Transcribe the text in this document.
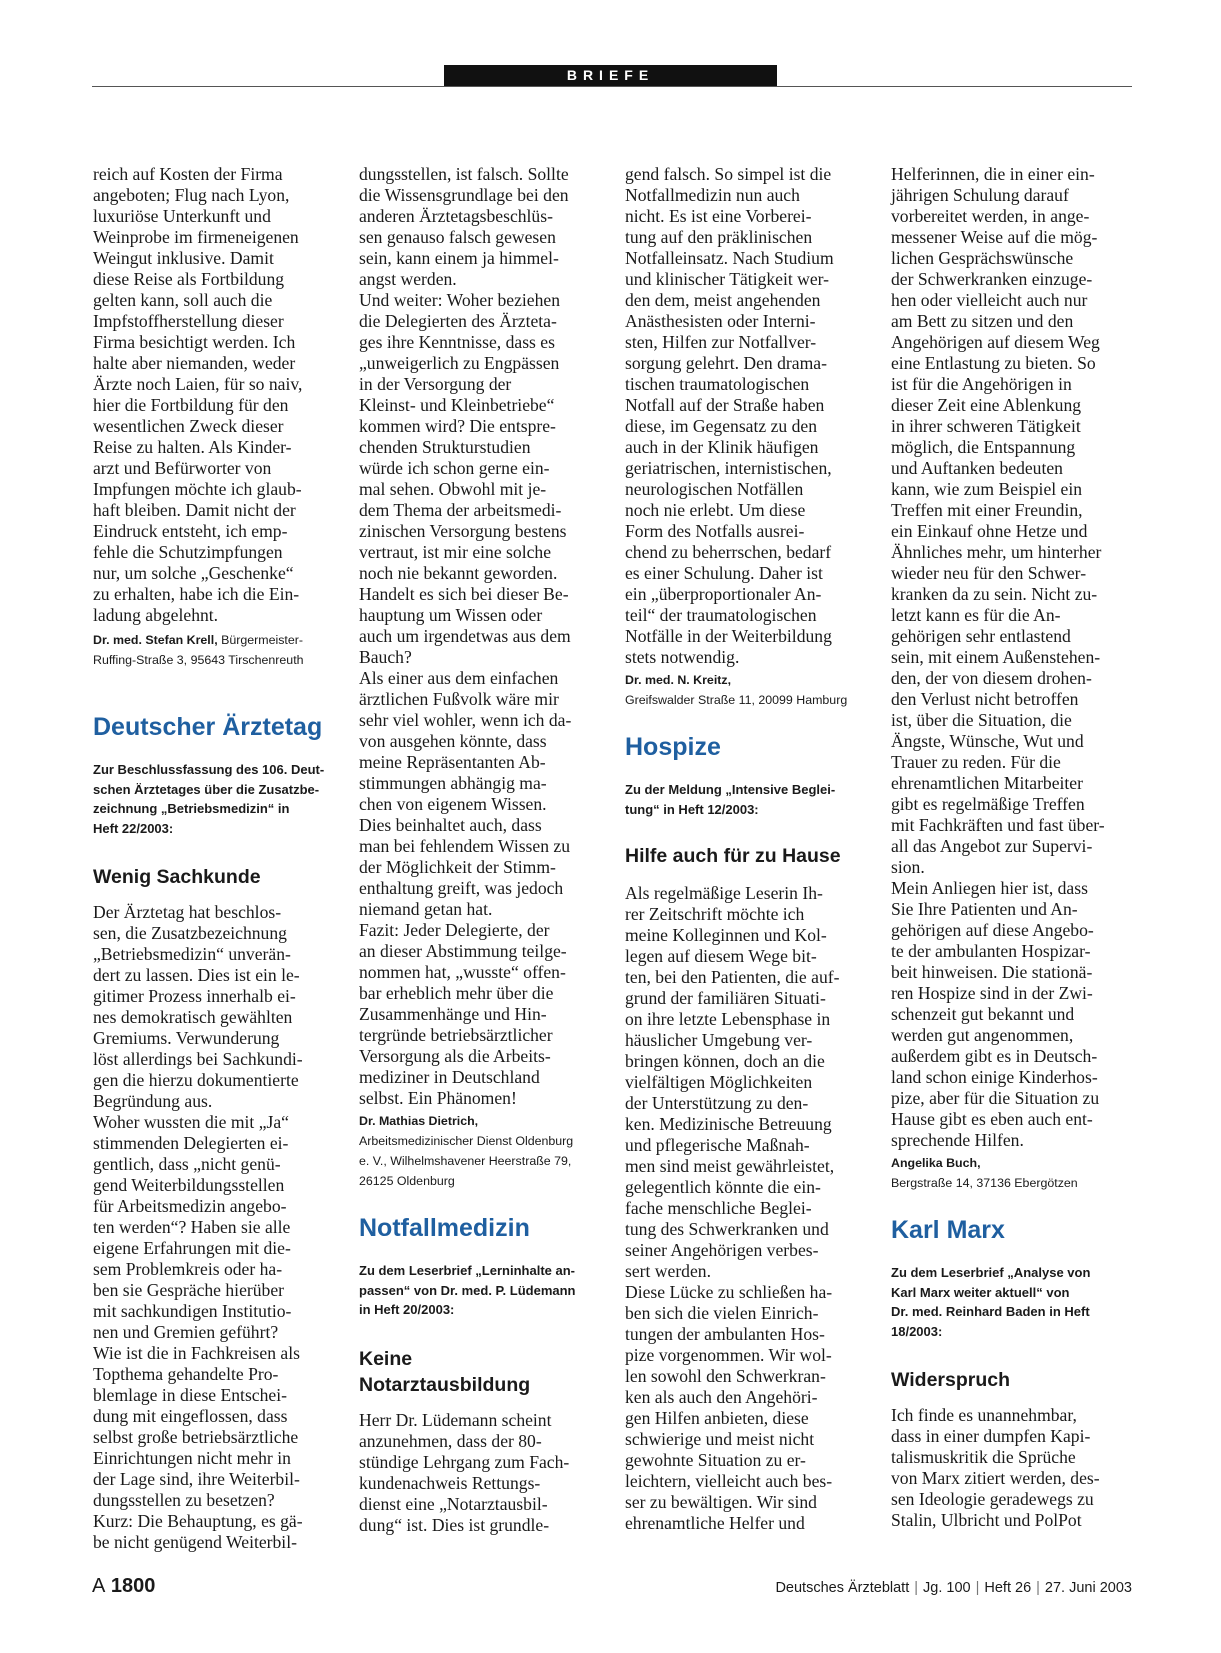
BRIEFE
reich auf Kosten der Firma
angeboten; Flug nach Lyon,
luxuriöse Unterkunft und
Weinprobe im firmeneigenen
Weingut inklusive. Damit
diese Reise als Fortbildung
gelten kann, soll auch die
Impfstoffherstellung dieser
Firma besichtigt werden. Ich
halte aber niemanden, weder
Ärzte noch Laien, für so naiv,
hier die Fortbildung für den
wesentlichen Zweck dieser
Reise zu halten. Als Kinder-
arzt und Befürworter von
Impfungen möchte ich glaub-
haft bleiben. Damit nicht der
Eindruck entsteht, ich emp-
fehle die Schutzimpfungen
nur, um solche „Geschenke“
zu erhalten, habe ich die Ein-
ladung abgelehnt.
Dr. med. Stefan Krell, Bürgermeister-
Ruffing-Straße 3, 95643 Tirschenreuth
Deutscher Ärztetag
Zur Beschlussfassung des 106. Deut-
schen Ärztetages über die Zusatzbe-
zeichnung „Betriebsmedizin“ in
Heft 22/2003:
Wenig Sachkunde
Der Ärztetag hat beschlos-
sen, die Zusatzbezeichnung
„Betriebsmedizin“ unverän-
dert zu lassen. Dies ist ein le-
gitimer Prozess innerhalb ei-
nes demokratisch gewählten
Gremiums. Verwunderung
löst allerdings bei Sachkundi-
gen die hierzu dokumentierte
Begründung aus.
Woher wussten die mit „Ja“
stimmenden Delegierten ei-
gentlich, dass „nicht genü-
gend Weiterbildungsstellen
für Arbeitsmedizin angebo-
ten werden“? Haben sie alle
eigene Erfahrungen mit die-
sem Problemkreis oder ha-
ben sie Gespräche hierüber
mit sachkundigen Institutio-
nen und Gremien geführt?
Wie ist die in Fachkreisen als
Topthema gehandelte Pro-
blemlage in diese Entschei-
dung mit eingeflossen, dass
selbst große betriebsärztliche
Einrichtungen nicht mehr in
der Lage sind, ihre Weiterbil-
dungsstellen zu besetzen?
Kurz: Die Behauptung, es gä-
be nicht genügend Weiterbil-
dungsstellen, ist falsch. Sollte
die Wissensgrundlage bei den
anderen Ärztetagsbeschlüs-
sen genauso falsch gewesen
sein, kann einem ja himmel-
angst werden.
Und weiter: Woher beziehen
die Delegierten des Ärzteta-
ges ihre Kenntnisse, dass es
„unweigerlich zu Engpässen
in der Versorgung der
Kleinst- und Kleinbetriebe“
kommen wird? Die entspre-
chenden Strukturstudien
würde ich schon gerne ein-
mal sehen. Obwohl mit je-
dem Thema der arbeitsmedi-
zinischen Versorgung bestens
vertraut, ist mir eine solche
noch nie bekannt geworden.
Handelt es sich bei dieser Be-
hauptung um Wissen oder
auch um irgendetwas aus dem
Bauch?
Als einer aus dem einfachen
ärztlichen Fußvolk wäre mir
sehr viel wohler, wenn ich da-
von ausgehen könnte, dass
meine Repräsentanten Ab-
stimmungen abhängig ma-
chen von eigenem Wissen.
Dies beinhaltet auch, dass
man bei fehlendem Wissen zu
der Möglichkeit der Stimm-
enthaltung greift, was jedoch
niemand getan hat.
Fazit: Jeder Delegierte, der
an dieser Abstimmung teilge-
nommen hat, „wusste“ offen-
bar erheblich mehr über die
Zusammenhänge und Hin-
tergründe betriebsärztlicher
Versorgung als die Arbeits-
mediziner in Deutschland
selbst. Ein Phänomen!
Dr. Mathias Dietrich,
Arbeitsmedizinischer Dienst Oldenburg
e. V., Wilhelmshavener Heerstraße 79,
26125 Oldenburg
Notfallmedizin
Zu dem Leserbrief „Lerninhalte an-
passen“ von Dr. med. P. Lüdemann
in Heft 20/2003:
Keine
Notarztausbildung
Herr Dr. Lüdemann scheint
anzunehmen, dass der 80-
stündige Lehrgang zum Fach-
kundenachweis Rettungs-
dienst eine „Notarztausbil-
dung“ ist. Dies ist grundle-
gend falsch. So simpel ist die
Notfallmedizin nun auch
nicht. Es ist eine Vorberei-
tung auf den präklinischen
Notfalleinsatz. Nach Studium
und klinischer Tätigkeit wer-
den dem, meist angehenden
Anästhesisten oder Interni-
sten, Hilfen zur Notfallver-
sorgung gelehrt. Den drama-
tischen traumatologischen
Notfall auf der Straße haben
diese, im Gegensatz zu den
auch in der Klinik häufigen
geriatrischen, internistischen,
neurologischen Notfällen
noch nie erlebt. Um diese
Form des Notfalls ausrei-
chend zu beherrschen, bedarf
es einer Schulung. Daher ist
ein „überproportionaler An-
teil“ der traumatologischen
Notfälle in der Weiterbildung
stets notwendig.
Dr. med. N. Kreitz,
Greifswalder Straße 11, 20099 Hamburg
Hospize
Zu der Meldung „Intensive Beglei-
tung“ in Heft 12/2003:
Hilfe auch für zu Hause
Als regelmäßige Leserin Ih-
rer Zeitschrift möchte ich
meine Kolleginnen und Kol-
legen auf diesem Wege bit-
ten, bei den Patienten, die auf-
grund der familiären Situati-
on ihre letzte Lebensphase in
häuslicher Umgebung ver-
bringen können, doch an die
vielfältigen Möglichkeiten
der Unterstützung zu den-
ken. Medizinische Betreuung
und pflegerische Maßnah-
men sind meist gewährleistet,
gelegentlich könnte die ein-
fache menschliche Beglei-
tung des Schwerkranken und
seiner Angehörigen verbes-
sert werden.
Diese Lücke zu schließen ha-
ben sich die vielen Einrich-
tungen der ambulanten Hos-
pize vorgenommen. Wir wol-
len sowohl den Schwerkran-
ken als auch den Angehöri-
gen Hilfen anbieten, diese
schwierige und meist nicht
gewohnte Situation zu er-
leichtern, vielleicht auch bes-
ser zu bewältigen. Wir sind
ehrenamtliche Helfer und
Helferinnen, die in einer ein-
jährigen Schulung darauf
vorbereitet werden, in ange-
messener Weise auf die mög-
lichen Gesprächswünsche
der Schwerkranken einzuge-
hen oder vielleicht auch nur
am Bett zu sitzen und den
Angehörigen auf diesem Weg
eine Entlastung zu bieten. So
ist für die Angehörigen in
dieser Zeit eine Ablenkung
in ihrer schweren Tätigkeit
möglich, die Entspannung
und Auftanken bedeuten
kann, wie zum Beispiel ein
Treffen mit einer Freundin,
ein Einkauf ohne Hetze und
Ähnliches mehr, um hinterher
wieder neu für den Schwer-
kranken da zu sein. Nicht zu-
letzt kann es für die An-
gehörigen sehr entlastend
sein, mit einem Außenstehen-
den, der von diesem drohen-
den Verlust nicht betroffen
ist, über die Situation, die
Ängste, Wünsche, Wut und
Trauer zu reden. Für die
ehrenamtlichen Mitarbeiter
gibt es regelmäßige Treffen
mit Fachkräften und fast über-
all das Angebot zur Supervi-
sion.
Mein Anliegen hier ist, dass
Sie Ihre Patienten und An-
gehörigen auf diese Angebo-
te der ambulanten Hospizar-
beit hinweisen. Die stationä-
ren Hospize sind in der Zwi-
schenzeit gut bekannt und
werden gut angenommen,
außerdem gibt es in Deutsch-
land schon einige Kinderhos-
pize, aber für die Situation zu
Hause gibt es eben auch ent-
sprechende Hilfen.
Angelika Buch,
Bergstraße 14, 37136 Ebergötzen
Karl Marx
Zu dem Leserbrief „Analyse von
Karl Marx weiter aktuell“ von
Dr. med. Reinhard Baden in Heft
18/2003:
Widerspruch
Ich finde es unannehmbar,
dass in einer dumpfen Kapi-
talismuskritik die Sprüche
von Marx zitiert werden, des-
sen Ideologie geradewegs zu
Stalin, Ulbricht und PolPot
A 1800	Deutsches Ärzteblatt | Jg. 100 | Heft 26 | 27. Juni 2003
